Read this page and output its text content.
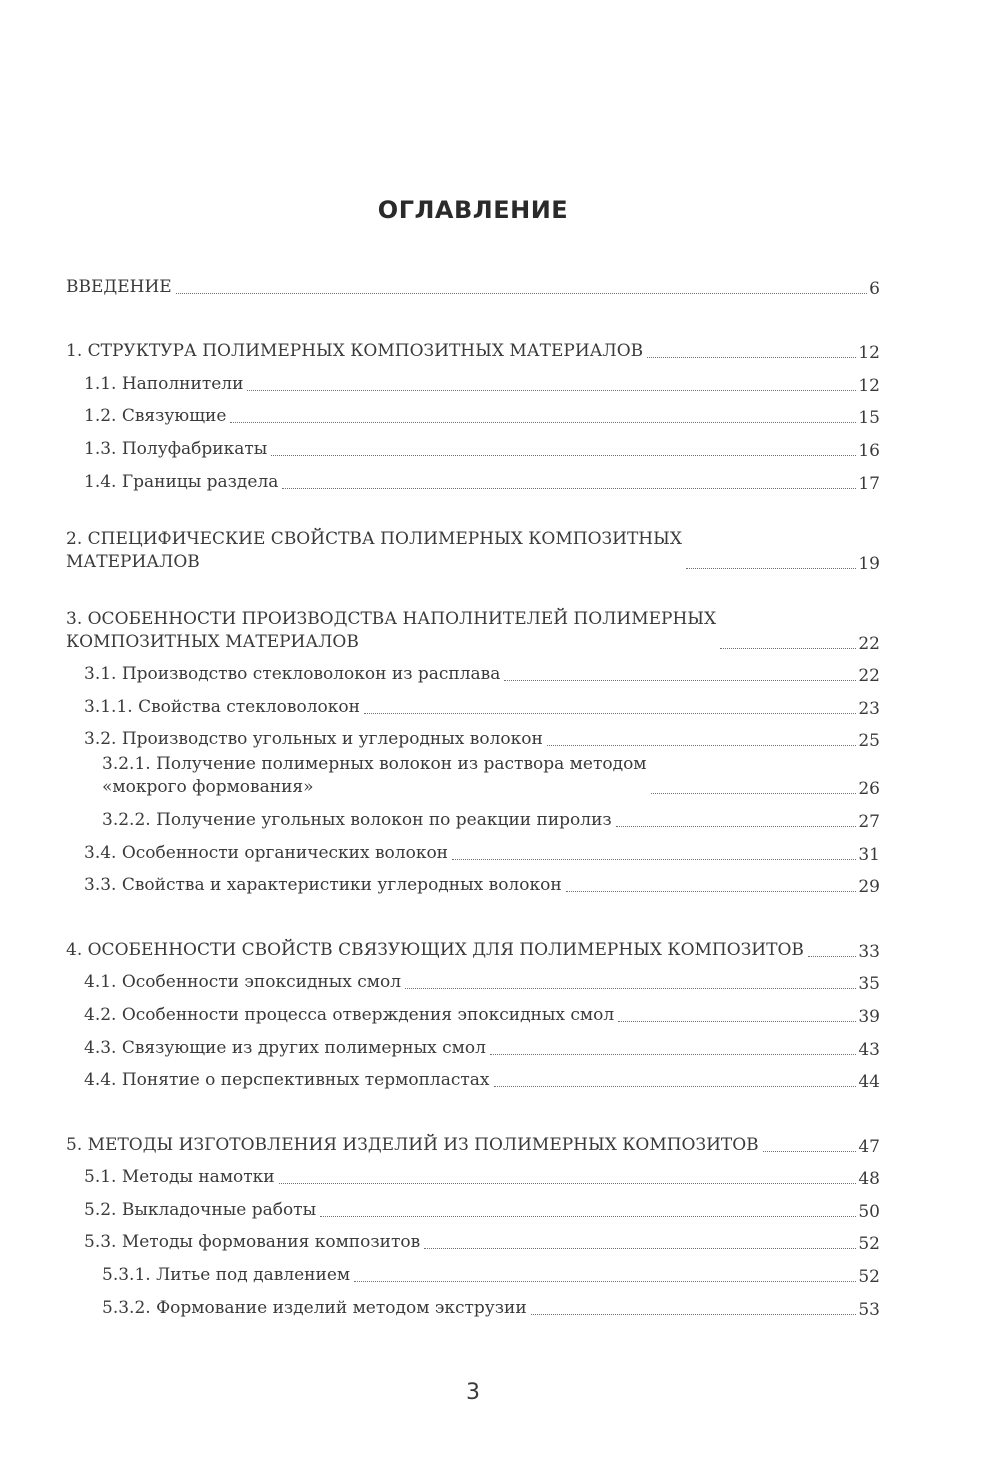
ОГЛАВЛЕНИЕ
ВВЕДЕНИЕ	6
1. СТРУКТУРА ПОЛИМЕРНЫХ КОМПОЗИТНЫХ МАТЕРИАЛОВ	12
1.1. Наполнители	12
1.2. Связующие	15
1.3. Полуфабрикаты	16
1.4. Границы раздела	17
2. СПЕЦИФИЧЕСКИЕ СВОЙСТВА ПОЛИМЕРНЫХ КОМПОЗИТНЫХ
МАТЕРИАЛОВ	19
3. ОСОБЕННОСТИ ПРОИЗВОДСТВА НАПОЛНИТЕЛЕЙ ПОЛИМЕРНЫХ
КОМПОЗИТНЫХ МАТЕРИАЛОВ	22
3.1. Производство стекловолокон из расплава	22
3.1.1. Свойства стекловолокон	23
3.2. Производство угольных и углеродных волокон	25
3.2.1. Получение полимерных волокон из раствора методом
«мокрого формования»	26
3.2.2. Получение угольных волокон по реакции пиролиз	27
3.4. Особенности органических волокон	31
3.3. Свойства и характеристики углеродных волокон	29
4. ОСОБЕННОСТИ СВОЙСТВ СВЯЗУЮЩИХ ДЛЯ ПОЛИМЕРНЫХ КОМПОЗИТОВ	33
4.1. Особенности эпоксидных смол	35
4.2. Особенности процесса отверждения эпоксидных смол	39
4.3. Связующие из других полимерных смол	43
4.4. Понятие о перспективных термопластах	44
5. МЕТОДЫ ИЗГОТОВЛЕНИЯ ИЗДЕЛИЙ ИЗ ПОЛИМЕРНЫХ КОМПОЗИТОВ	47
5.1. Методы намотки	48
5.2. Выкладочные работы	50
5.3. Методы формования композитов	52
5.3.1. Литье под давлением	52
5.3.2. Формование изделий методом экструзии	53
3
